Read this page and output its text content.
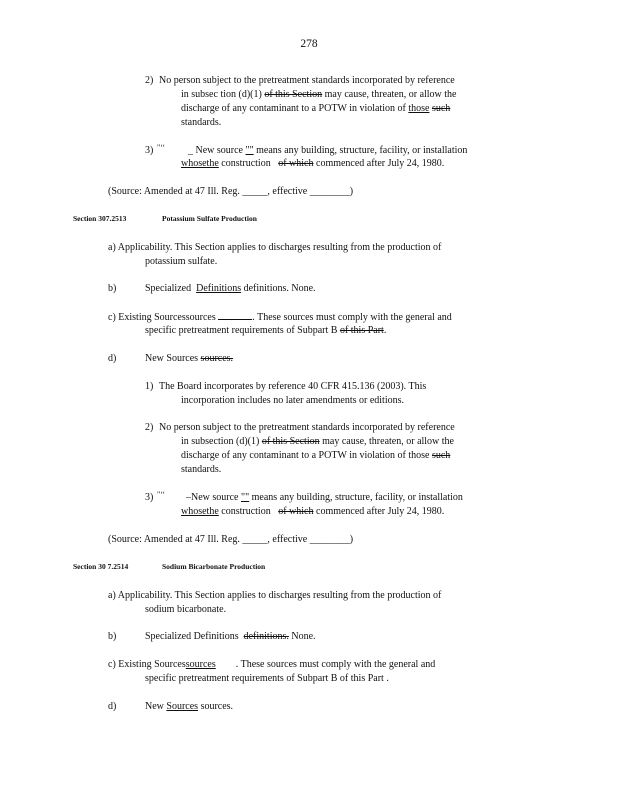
278
2) No person subject to the pretreatment standards incorporated by reference
in subsec tion (d)(1) of this Section may cause, threaten, or allow the
discharge of any contaminant to a POTW in violation of those such
standards.
3) "‘‘ _ New source "" means any building, structure, facility, or installation
whosethe construction of which commenced after July 24, 1980.
(Source: Amended at 47 Ill. Reg. _____, effective ________)
Section 307.2513	Potassium Sulfate Production
a) Applicability. This Section applies to discharges resulting from the production of
potassium sulfate.
b)	Specialized Definitions definitions. None.
c) Existing Sourcessources	. These sources must comply with the general and
specific pretreatment requirements of Subpart B of this Part.
d)	New Sources sources.
1) The Board incorporates by reference 40 CFR 415.136 (2003). This
incorporation includes no later amendments or editions.
2) No person subject to the pretreatment standards incorporated by reference
in subsection (d)(1) of this Section may cause, threaten, or allow the
discharge of any contaminant to a POTW in violation of those such
standards.
3) "‘‘ –New source "" means any building, structure, facility, or installation
whosethe construction of which commenced after July 24, 1980.
(Source: Amended at 47 Ill. Reg. _____, effective ________)
Section 30 7.2514	Sodium Bicarbonate Production
a) Applicability. This Section applies to discharges resulting from the production of
sodium bicarbonate.
b)	Specialized Definitions definitions. None.
c) Existing Sourcessources . These sources must comply with the general and
specific pretreatment requirements of Subpart B of this Part .
d)	New Sources sources.
